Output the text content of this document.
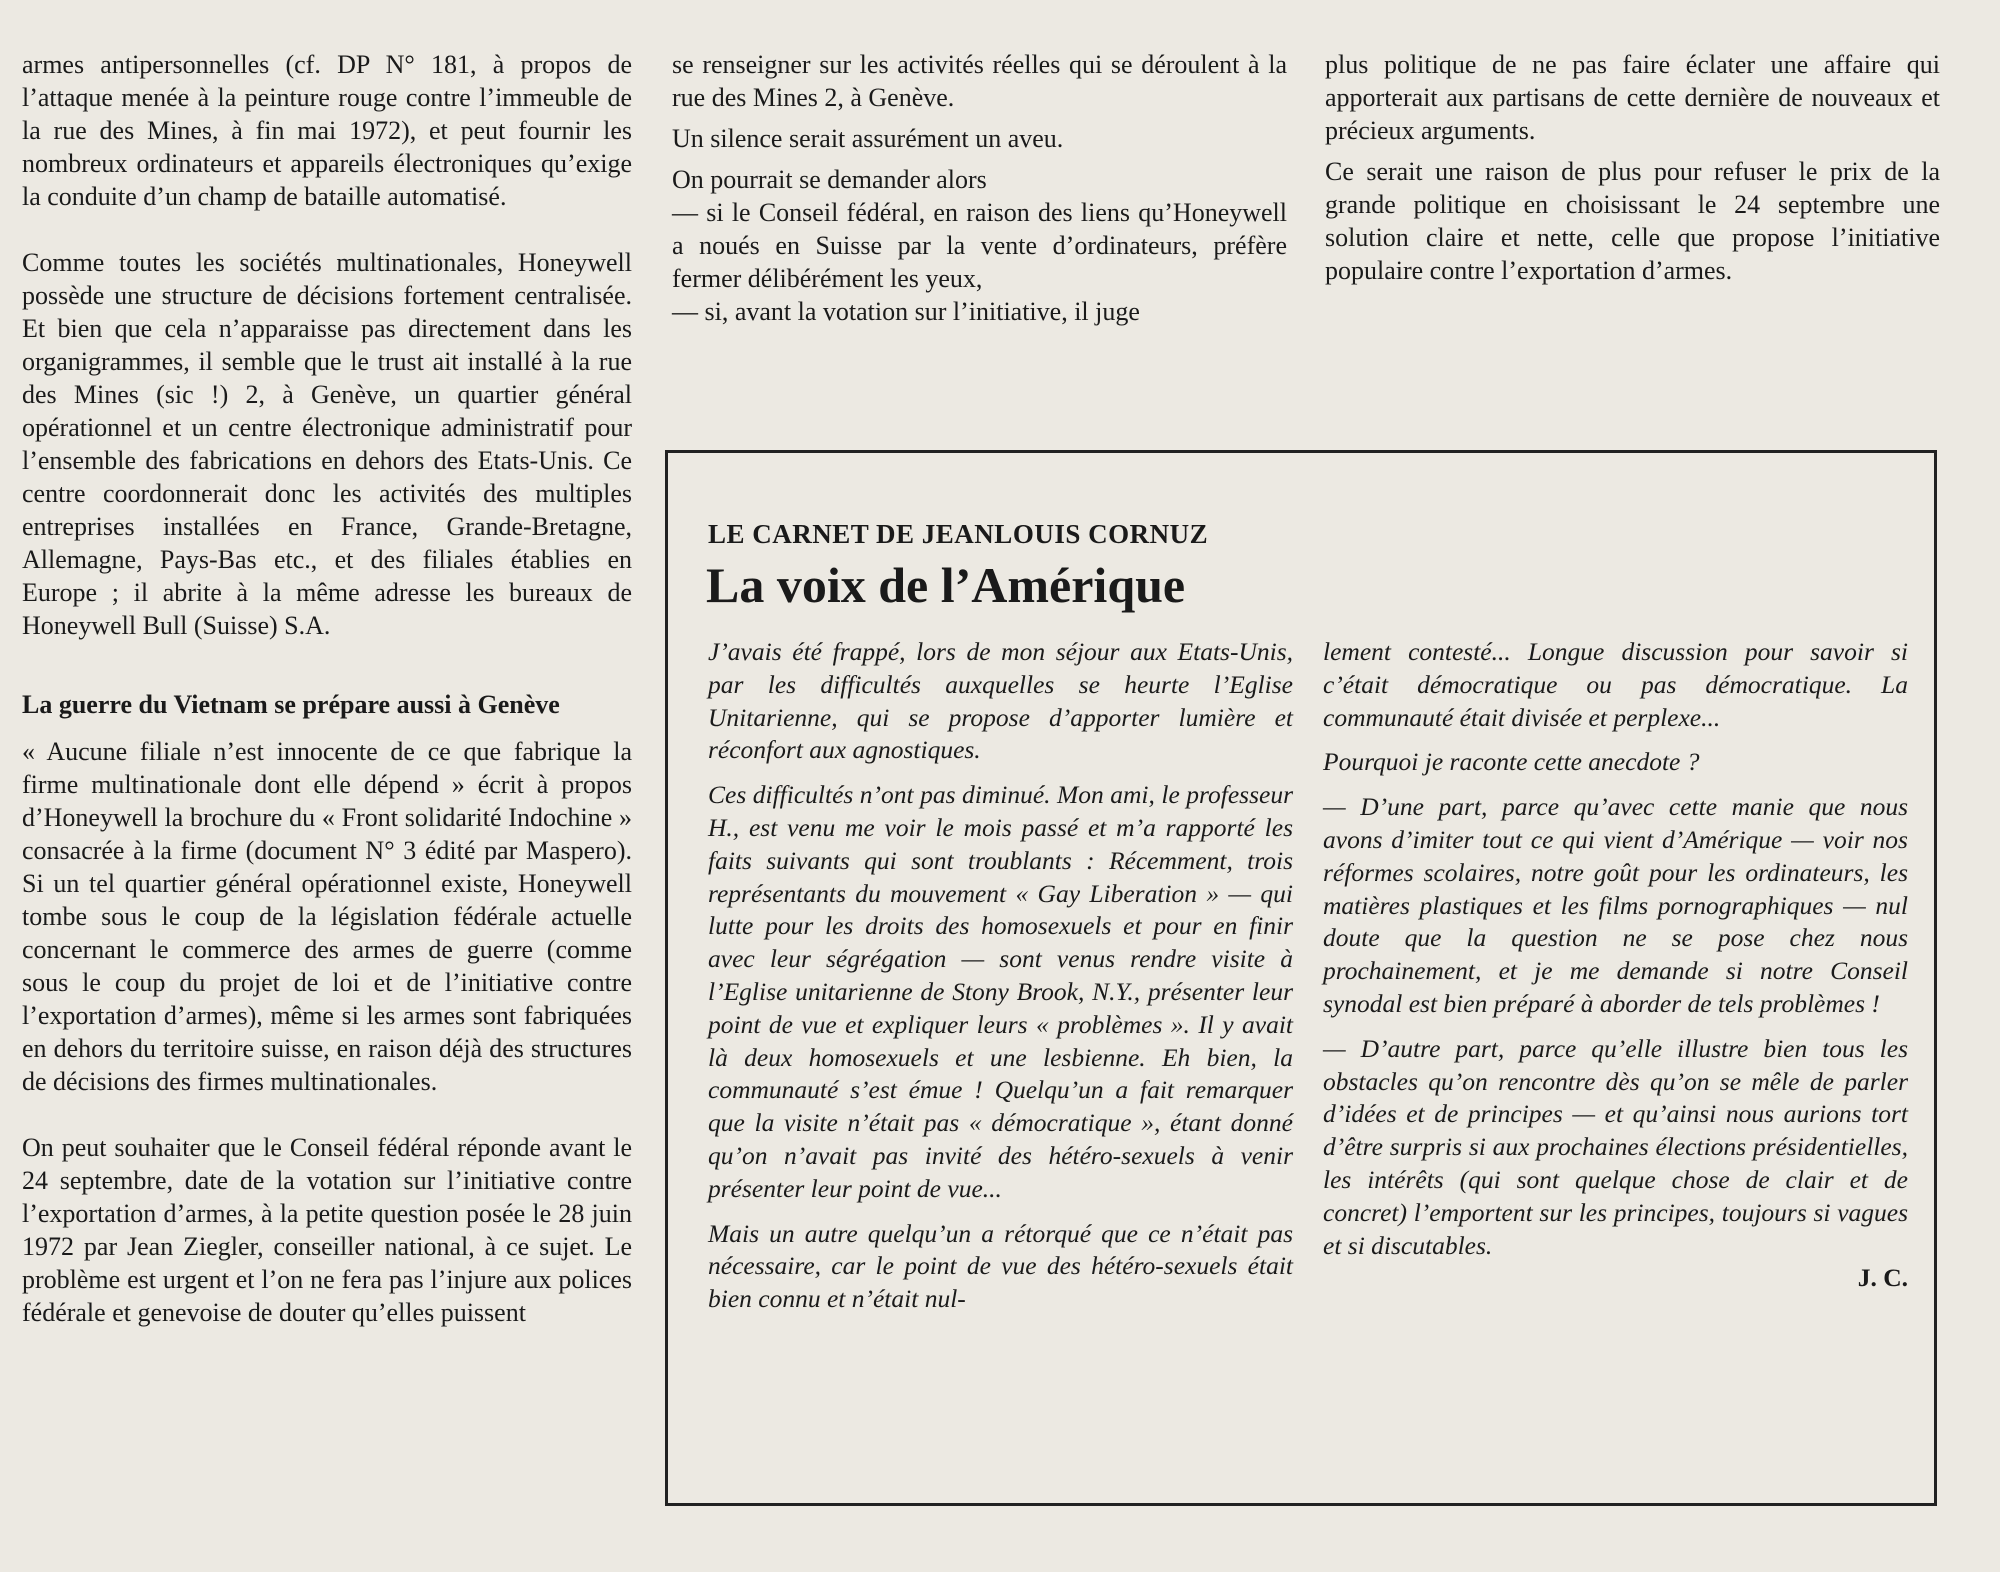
armes antipersonnelles (cf. DP N° 181, à propos de l’attaque menée à la peinture rouge contre l’immeuble de la rue des Mines, à fin mai 1972), et peut fournir les nombreux ordinateurs et appareils électroniques qu’exige la conduite d’un champ de bataille automatisé.

Comme toutes les sociétés multinationales, Honeywell possède une structure de décisions fortement centralisée. Et bien que cela n’apparaisse pas directement dans les organigrammes, il semble que le trust ait installé à la rue des Mines (sic !) 2, à Genève, un quartier général opérationnel et un centre électronique administratif pour l’ensemble des fabrications en dehors des Etats-Unis. Ce centre coordonnerait donc les activités des multiples entreprises installées en France, Grande-Bretagne, Allemagne, Pays-Bas etc., et des filiales établies en Europe ; il abrite à la même adresse les bureaux de Honeywell Bull (Suisse) S.A.

La guerre du Vietnam se prépare aussi à Genève

« Aucune filiale n’est innocente de ce que fabrique la firme multinationale dont elle dépend » écrit à propos d’Honeywell la brochure du « Front solidarité Indochine » consacrée à la firme (document N° 3 édité par Maspero). Si un tel quartier général opérationnel existe, Honeywell tombe sous le coup de la législation fédérale actuelle concernant le commerce des armes de guerre (comme sous le coup du projet de loi et de l’initiative contre l’exportation d’armes), même si les armes sont fabriquées en dehors du territoire suisse, en raison déjà des structures de décisions des firmes multinationales.

On peut souhaiter que le Conseil fédéral réponde avant le 24 septembre, date de la votation sur l’initiative contre l’exportation d’armes, à la petite question posée le 28 juin 1972 par Jean Ziegler, conseiller national, à ce sujet. Le problème est urgent et l’on ne fera pas l’injure aux polices fédérale et genevoise de douter qu’elles puissent

se renseigner sur les activités réelles qui se déroulent à la rue des Mines 2, à Genève.

Un silence serait assurément un aveu.

On pourrait se demander alors

— si le Conseil fédéral, en raison des liens qu’Honeywell a noués en Suisse par la vente d’ordinateurs, préfère fermer délibérément les yeux,

— si, avant la votation sur l’initiative, il juge

plus politique de ne pas faire éclater une affaire qui apporterait aux partisans de cette dernière de nouveaux et précieux arguments.

Ce serait une raison de plus pour refuser le prix de la grande politique en choisissant le 24 septembre une solution claire et nette, celle que propose l’initiative populaire contre l’exportation d’armes.

LE CARNET DE JEANLOUIS CORNUZ
La voix de l’Amérique

J’avais été frappé, lors de mon séjour aux Etats-Unis, par les difficultés auxquelles se heurte l’Eglise Unitarienne, qui se propose d’apporter lumière et réconfort aux agnostiques.

Ces difficultés n’ont pas diminué. Mon ami, le professeur H., est venu me voir le mois passé et m’a rapporté les faits suivants qui sont troublants : Récemment, trois représentants du mouvement « Gay Liberation » — qui lutte pour les droits des homosexuels et pour en finir avec leur ségrégation — sont venus rendre visite à l’Eglise unitarienne de Stony Brook, N.Y., présenter leur point de vue et expliquer leurs « problèmes ». Il y avait là deux homosexuels et une lesbienne. Eh bien, la communauté s’est émue ! Quelqu’un a fait remarquer que la visite n’était pas « démocratique », étant donné qu’on n’avait pas invité des hétéro-sexuels à venir présenter leur point de vue...

Mais un autre quelqu’un a rétorqué que ce n’était pas nécessaire, car le point de vue des hétéro-sexuels était bien connu et n’était nul-

lement contesté... Longue discussion pour savoir si c’était démocratique ou pas démocratique. La communauté était divisée et perplexe...

Pourquoi je raconte cette anecdote ?

— D’une part, parce qu’avec cette manie que nous avons d’imiter tout ce qui vient d’Amérique — voir nos réformes scolaires, notre goût pour les ordinateurs, les matières plastiques et les films pornographiques — nul doute que la question ne se pose chez nous prochainement, et je me demande si notre Conseil synodal est bien préparé à aborder de tels problèmes !

— D’autre part, parce qu’elle illustre bien tous les obstacles qu’on rencontre dès qu’on se mêle de parler d’idées et de principes — et qu’ainsi nous aurions tort d’être surpris si aux prochaines élections présidentielles, les intérêts (qui sont quelque chose de clair et de concret) l’emportent sur les principes, toujours si vagues et si discutables.

J. C.
